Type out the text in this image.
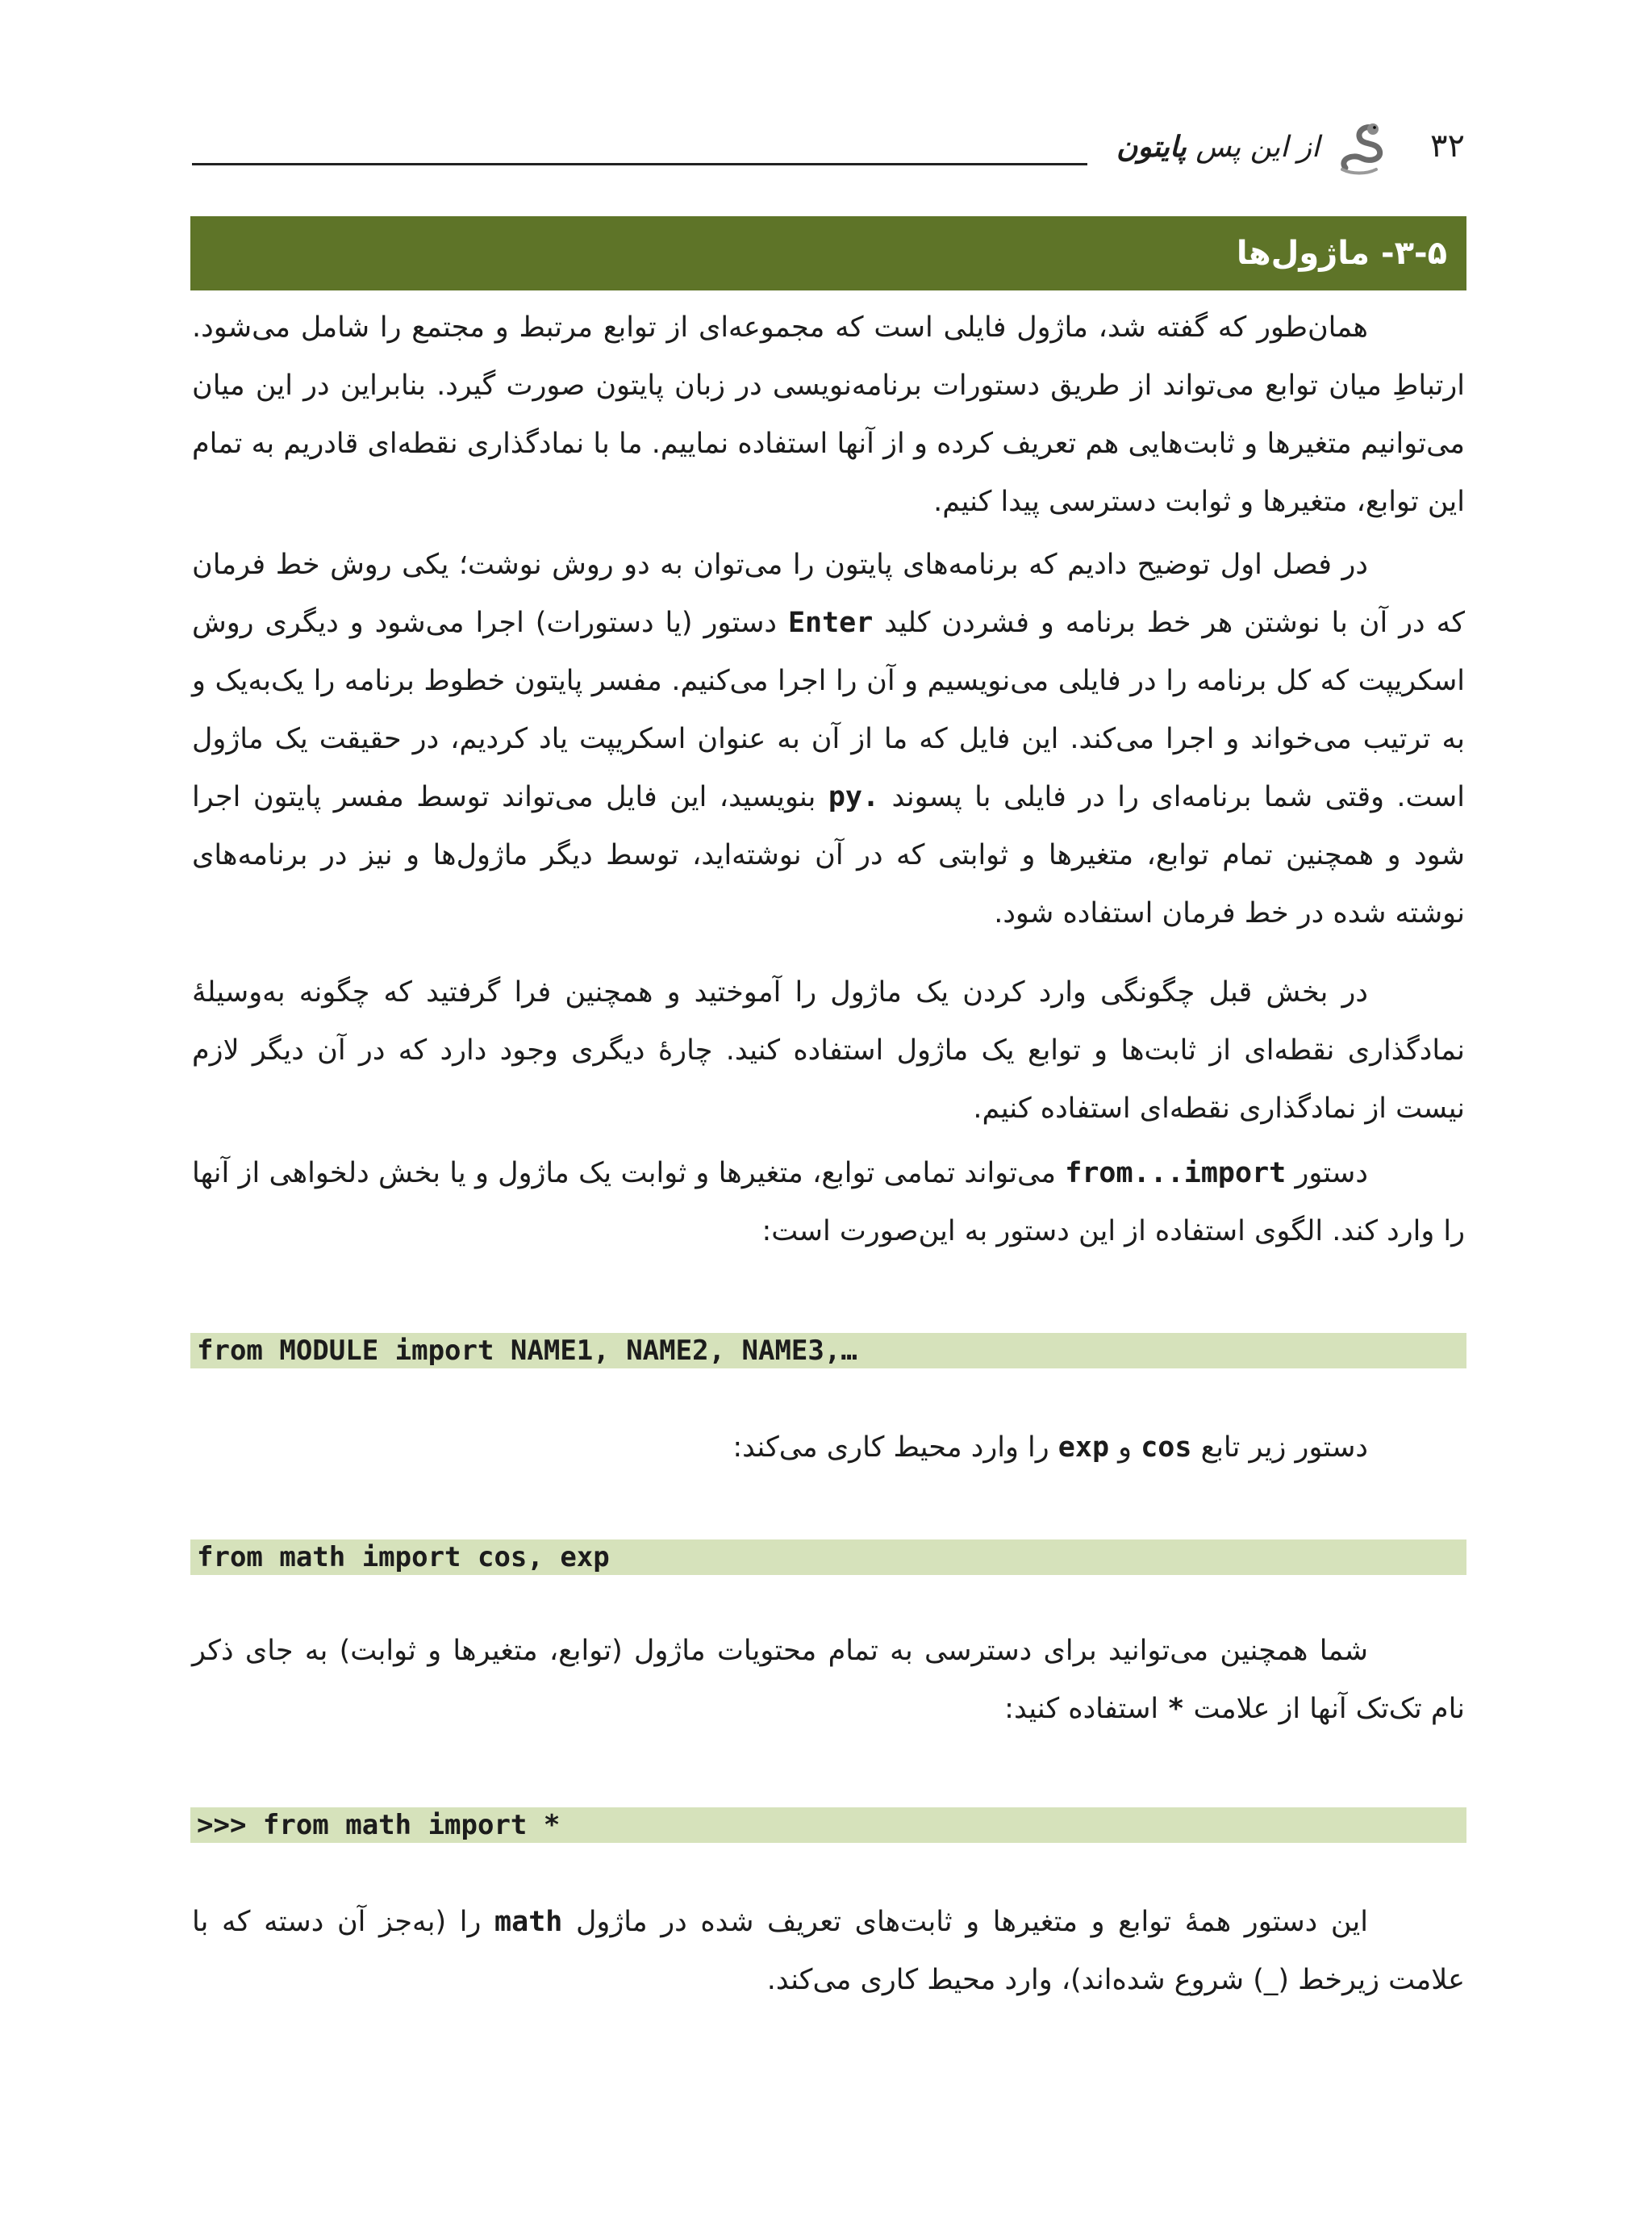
۳۲
از این پس پایتون
۳-۵- ماژول‌ها

همان‌طور که گفته شد، ماژول فایلی است که مجموعه‌ای از توابع مرتبط و مجتمع را شامل می‌شود. ارتباطِ میان توابع می‌تواند از طریق دستورات برنامه‌نویسی در زبان پایتون صورت گیرد. بنابراین در این میان می‌توانیم متغیرها و ثابت‌هایی هم تعریف کرده و از آنها استفاده نماییم. ما با نمادگذاری نقطه‌ای قادریم به تمام این توابع، متغیرها و ثوابت دسترسی پیدا کنیم.

در فصل اول توضیح دادیم که برنامه‌های پایتون را می‌توان به دو روش نوشت؛ یکی روش خط فرمان که در آن با نوشتن هر خط برنامه و فشردن کلید Enter دستور (یا دستورات) اجرا می‌شود و دیگری روش اسکریپت که کل برنامه را در فایلی می‌نویسیم و آن را اجرا می‌کنیم. مفسر پایتون خطوط برنامه را یک‌به‌یک و به ترتیب می‌خواند و اجرا می‌کند. این فایل که ما از آن به عنوان اسکریپت یاد کردیم، در حقیقت یک ماژول است. وقتی شما برنامه‌ای را در فایلی با پسوند .py بنویسید، این فایل می‌تواند توسط مفسر پایتون اجرا شود و همچنین تمام توابع، متغیرها و ثوابتی که در آن نوشته‌اید، توسط دیگر ماژول‌ها و نیز در برنامه‌های نوشته شده در خط فرمان استفاده شود.

در بخش قبل چگونگی وارد کردن یک ماژول را آموختید و همچنین فرا گرفتید که چگونه به‌وسیلهٔ نمادگذاری نقطه‌ای از ثابت‌ها و توابع یک ماژول استفاده کنید. چارهٔ دیگری وجود دارد که در آن دیگر لازم نیست از نمادگذاری نقطه‌ای استفاده کنیم.

دستور from...import می‌تواند تمامی توابع، متغیرها و ثوابت یک ماژول و یا بخش دلخواهی از آنها را وارد کند. الگوی استفاده از این دستور به این‌صورت است:

from MODULE import NAME1, NAME2, NAME3,…

دستور زیر تابع cos و exp را وارد محیط کاری می‌کند:

from math import cos, exp

شما همچنین می‌توانید برای دسترسی به تمام محتویات ماژول (توابع، متغیرها و ثوابت) به جای ذکر نام تک‌تک آنها از علامت * استفاده کنید:

>>> from math import *

این دستور همهٔ توابع و متغیرها و ثابت‌های تعریف شده در ماژول math را (به‌جز آن دسته که با علامت زیرخط (_) شروع شده‌اند)، وارد محیط کاری می‌کند.
